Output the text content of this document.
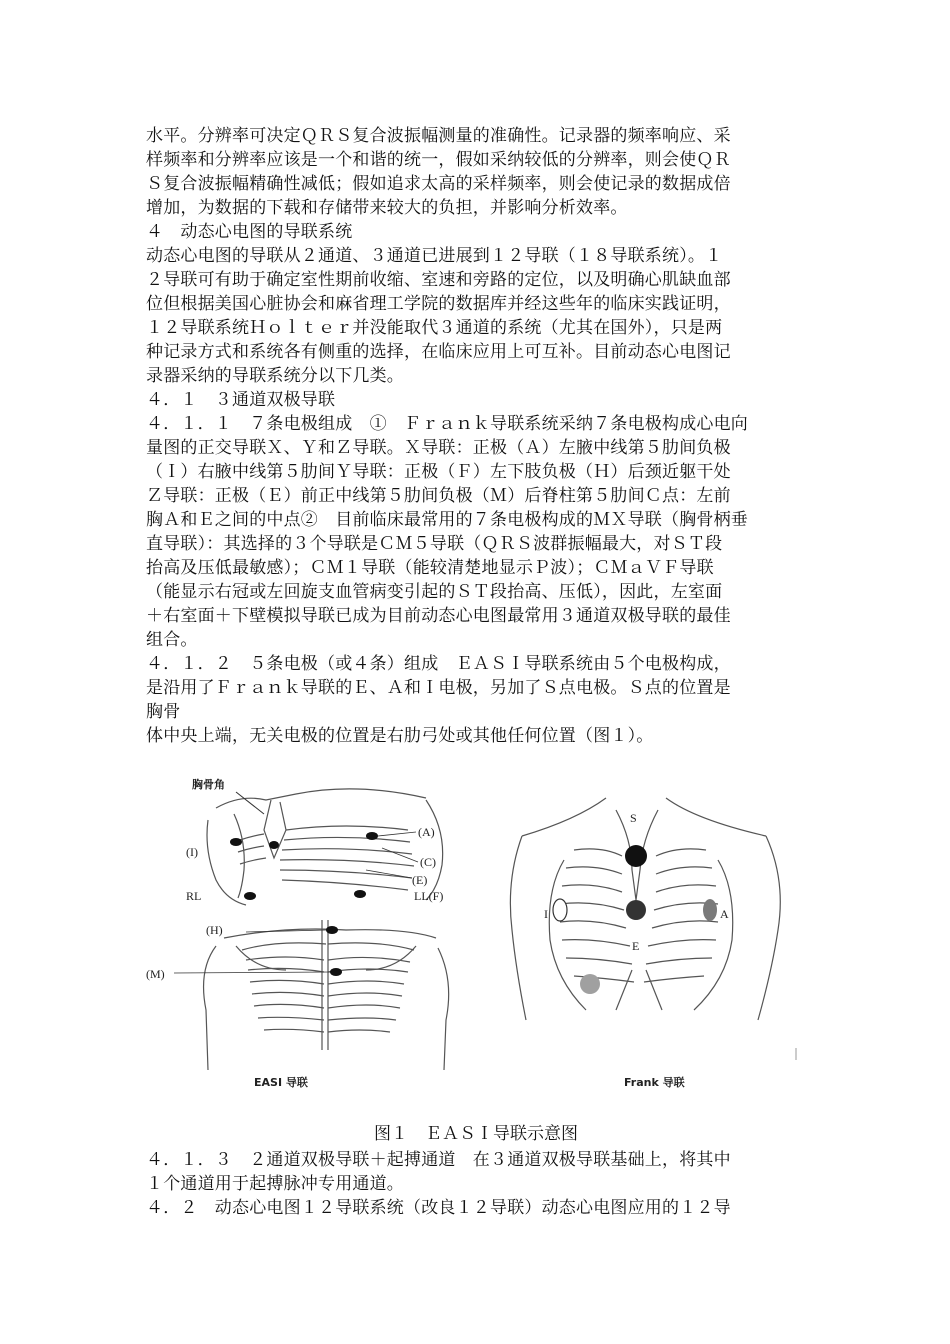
水平。分辨率可决定ＱＲＳ复合波振幅测量的准确性。记录器的频率响应、采
样频率和分辨率应该是一个和谐的统一，假如采纳较低的分辨率，则会使ＱＲ
Ｓ复合波振幅精确性减低；假如追求太高的采样频率，则会使记录的数据成倍
增加，为数据的下载和存储带来较大的负担，并影响分析效率。
４　动态心电图的导联系统
动态心电图的导联从２通道、３通道已进展到１２导联（１８导联系统）。１
２导联可有助于确定室性期前收缩、室速和旁路的定位，以及明确心肌缺血部
位但根据美国心脏协会和麻省理工学院的数据库并经这些年的临床实践证明，
１２导联系统Ｈｏｌｔｅｒ并没能取代３通道的系统（尤其在国外），只是两
种记录方式和系统各有侧重的选择，在临床应用上可互补。目前动态心电图记
录器采纳的导联系统分以下几类。
４．１　３通道双极导联
４．１．１　７条电极组成　①　Ｆｒａｎｋ导联系统采纳７条电极构成心电向
量图的正交导联Ｘ、Ｙ和Ｚ导联。Ｘ导联：正极（Ａ）左腋中线第５肋间负极
（Ｉ）右腋中线第５肋间Ｙ导联：正极（Ｆ）左下肢负极（Ｈ）后颈近躯干处
Ｚ导联：正极（Ｅ）前正中线第５肋间负极（Ｍ）后脊柱第５肋间Ｃ点：左前
胸Ａ和Ｅ之间的中点②　目前临床最常用的７条电极构成的ＭＸ导联（胸骨柄垂
直导联）：其选择的３个导联是ＣＭ５导联（ＱＲＳ波群振幅最大，对ＳＴ段
抬高及压低最敏感）；ＣＭ１导联（能较清楚地显示Ｐ波）；ＣＭａＶＦ导联
（能显示右冠或左回旋支血管病变引起的ＳＴ段抬高、压低），因此，左室面
＋右室面＋下壁模拟导联已成为目前动态心电图最常用３通道双极导联的最佳
组合。
４．１．２　５条电极（或４条）组成　ＥＡＳＩ导联系统由５个电极构成，
是沿用了Ｆｒａｎｋ导联的Ｅ、Ａ和Ｉ电极，另加了Ｓ点电极。Ｓ点的位置是
胸骨
体中央上端，无关电极的位置是右肋弓处或其他任何位置（图１）。
胸骨角
(A)
(I)
(C)
(E)
RL	LL(F)
(H)
(M)
EASI 导联
S
I	A
E
Frank 导联
图１　ＥＡＳＩ导联示意图
４．１．３　２通道双极导联＋起搏通道　在３通道双极导联基础上，将其中
１个通道用于起搏脉冲专用通道。
４．２　动态心电图１２导联系统（改良１２导联）动态心电图应用的１２导
